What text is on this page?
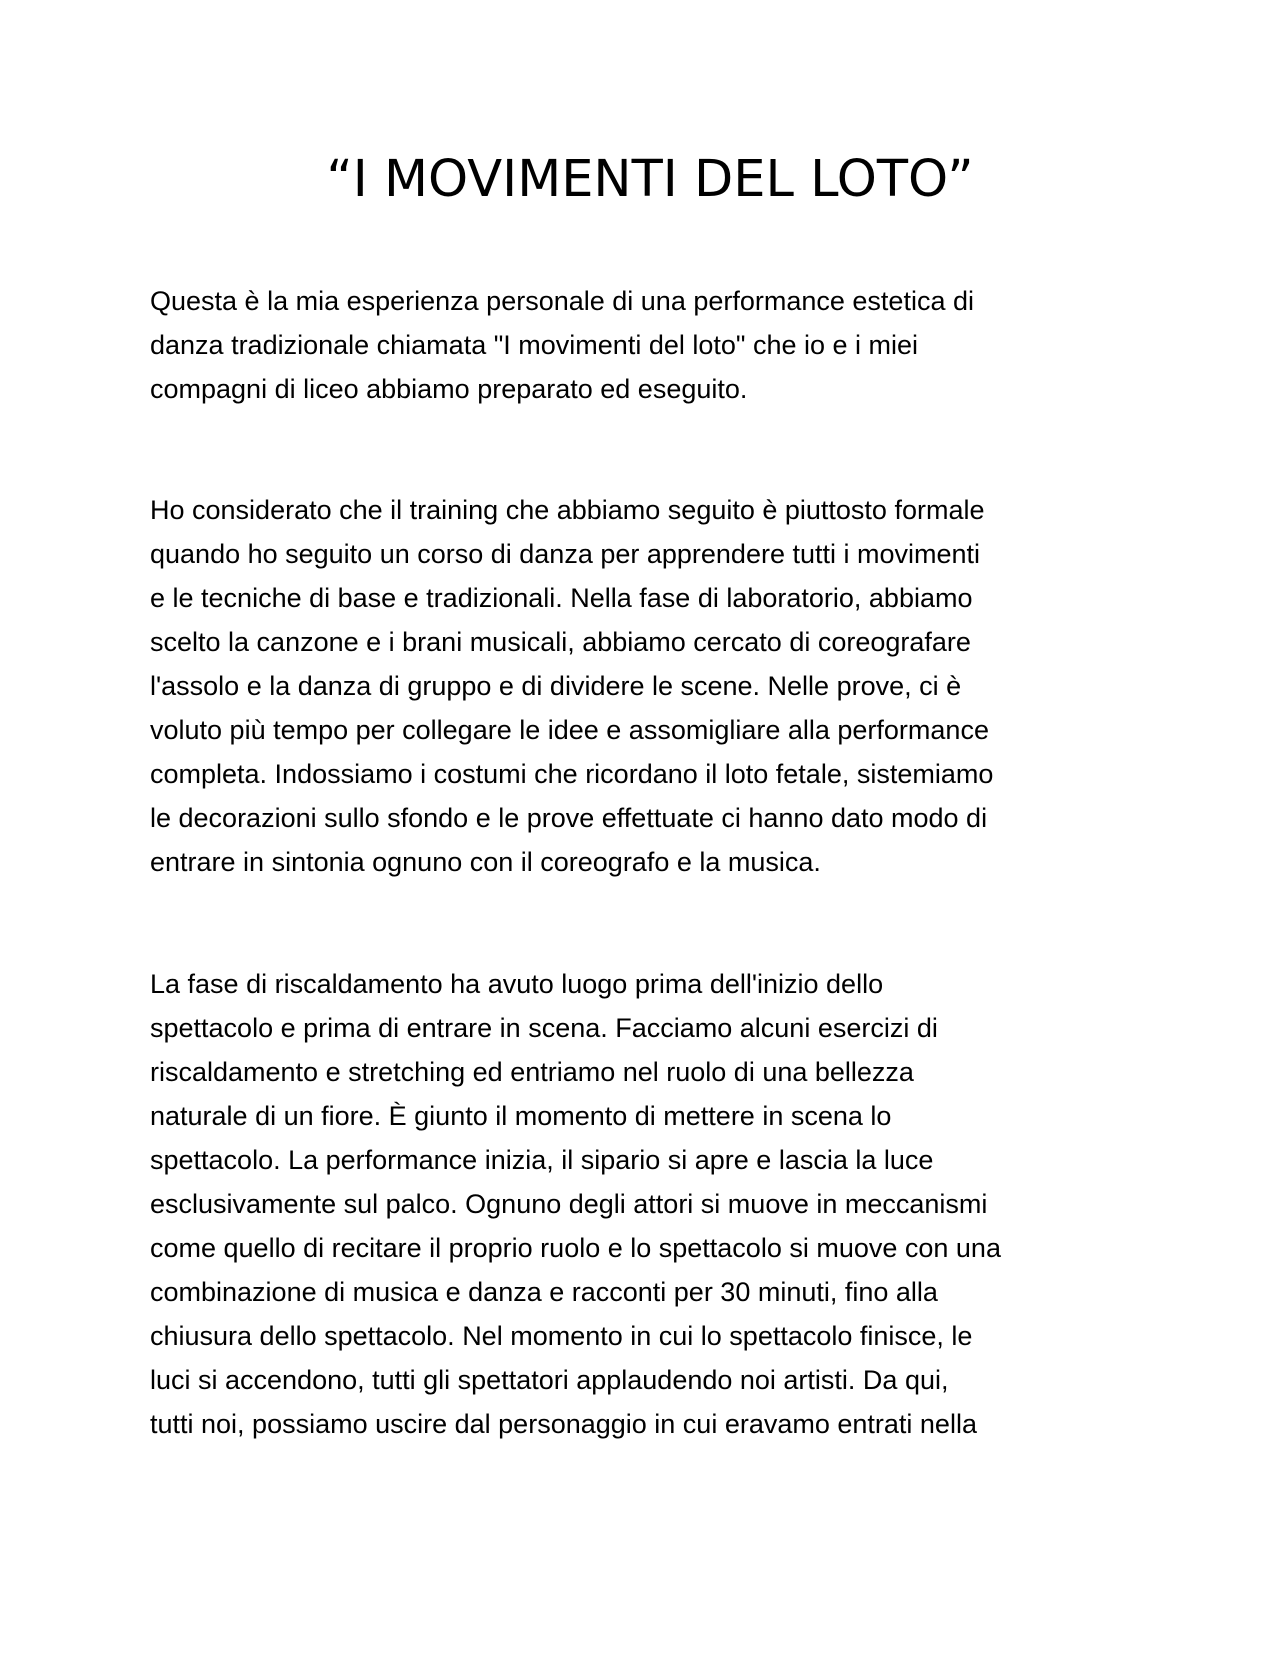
“I MOVIMENTI DEL LOTO”

Questa è la mia esperienza personale di una performance estetica di
danza tradizionale chiamata "I movimenti del loto" che io e i miei
compagni di liceo abbiamo preparato ed eseguito.

Ho considerato che il training che abbiamo seguito è piuttosto formale
quando ho seguito un corso di danza per apprendere tutti i movimenti
e le tecniche di base e tradizionali. Nella fase di laboratorio, abbiamo
scelto la canzone e i brani musicali, abbiamo cercato di coreografare
l'assolo e la danza di gruppo e di dividere le scene. Nelle prove, ci è
voluto più tempo per collegare le idee e assomigliare alla performance
completa. Indossiamo i costumi che ricordano il loto fetale, sistemiamo
le decorazioni sullo sfondo e le prove effettuate ci hanno dato modo di
entrare in sintonia ognuno con il coreografo e la musica.

La fase di riscaldamento ha avuto luogo prima dell'inizio dello
spettacolo e prima di entrare in scena. Facciamo alcuni esercizi di
riscaldamento e stretching ed entriamo nel ruolo di una bellezza
naturale di un fiore. È giunto il momento di mettere in scena lo
spettacolo. La performance inizia, il sipario si apre e lascia la luce
esclusivamente sul palco. Ognuno degli attori si muove in meccanismi
come quello di recitare il proprio ruolo e lo spettacolo si muove con una
combinazione di musica e danza e racconti per 30 minuti, fino alla
chiusura dello spettacolo. Nel momento in cui lo spettacolo finisce, le
luci si accendono, tutti gli spettatori applaudendo noi artisti. Da qui,
tutti noi, possiamo uscire dal personaggio in cui eravamo entrati nella
